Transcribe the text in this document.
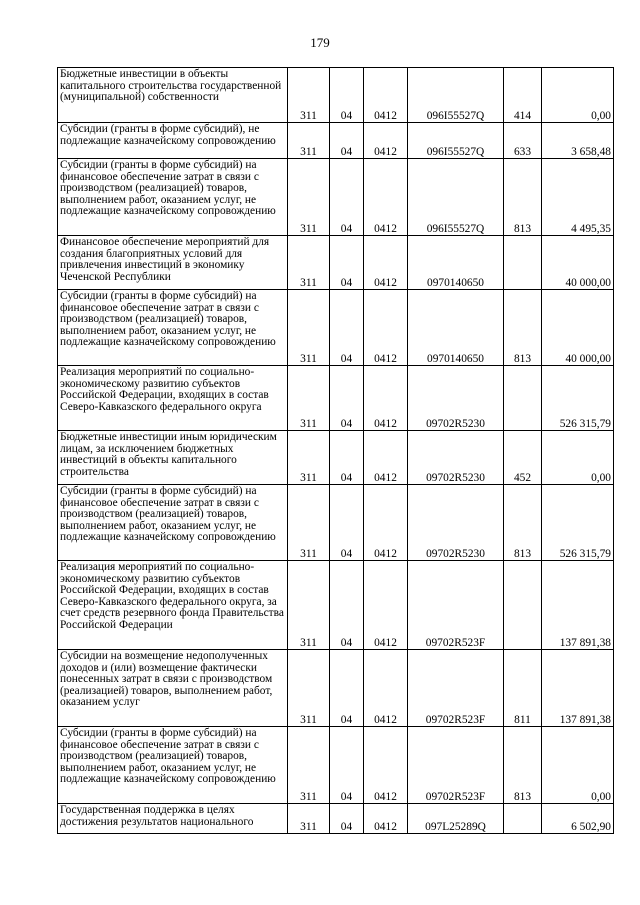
179
Бюджетные инвестиции в объекты капитального строительства государственной (муниципальной) собственности	311	04	0412	096I55527Q	414	0,00
Субсидии (гранты в форме субсидий), не подлежащие казначейскому сопровождению	311	04	0412	096I55527Q	633	3 658,48
Субсидии (гранты в форме субсидий) на финансовое обеспечение затрат в связи с производством (реализацией) товаров, выполнением работ, оказанием услуг, не подлежащие казначейскому сопровождению	311	04	0412	096I55527Q	813	4 495,35
Финансовое обеспечение мероприятий для создания благоприятных условий для привлечения инвестиций в экономику Чеченской Республики	311	04	0412	0970140650		40 000,00
Субсидии (гранты в форме субсидий) на финансовое обеспечение затрат в связи с производством (реализацией) товаров, выполнением работ, оказанием услуг, не подлежащие казначейскому сопровождению	311	04	0412	0970140650	813	40 000,00
Реализация мероприятий по социально-экономическому развитию субъектов Российской Федерации, входящих в состав Северо-Кавказского федерального округа	311	04	0412	09702R5230		526 315,79
Бюджетные инвестиции иным юридическим лицам, за исключением бюджетных инвестиций в объекты капитального строительства	311	04	0412	09702R5230	452	0,00
Субсидии (гранты в форме субсидий) на финансовое обеспечение затрат в связи с производством (реализацией) товаров, выполнением работ, оказанием услуг, не подлежащие казначейскому сопровождению	311	04	0412	09702R5230	813	526 315,79
Реализация мероприятий по социально-экономическому развитию субъектов Российской Федерации, входящих в состав Северо-Кавказского федерального округа, за счет средств резервного фонда Правительства Российской Федерации	311	04	0412	09702R523F		137 891,38
Субсидии на возмещение недополученных доходов и (или) возмещение фактически понесенных затрат в связи с производством (реализацией) товаров, выполнением работ, оказанием услуг	311	04	0412	09702R523F	811	137 891,38
Субсидии (гранты в форме субсидий) на финансовое обеспечение затрат в связи с производством (реализацией) товаров, выполнением работ, оказанием услуг, не подлежащие казначейскому сопровождению	311	04	0412	09702R523F	813	0,00
Государственная поддержка в целях достижения результатов национального	311	04	0412	097L25289Q		6 502,90
